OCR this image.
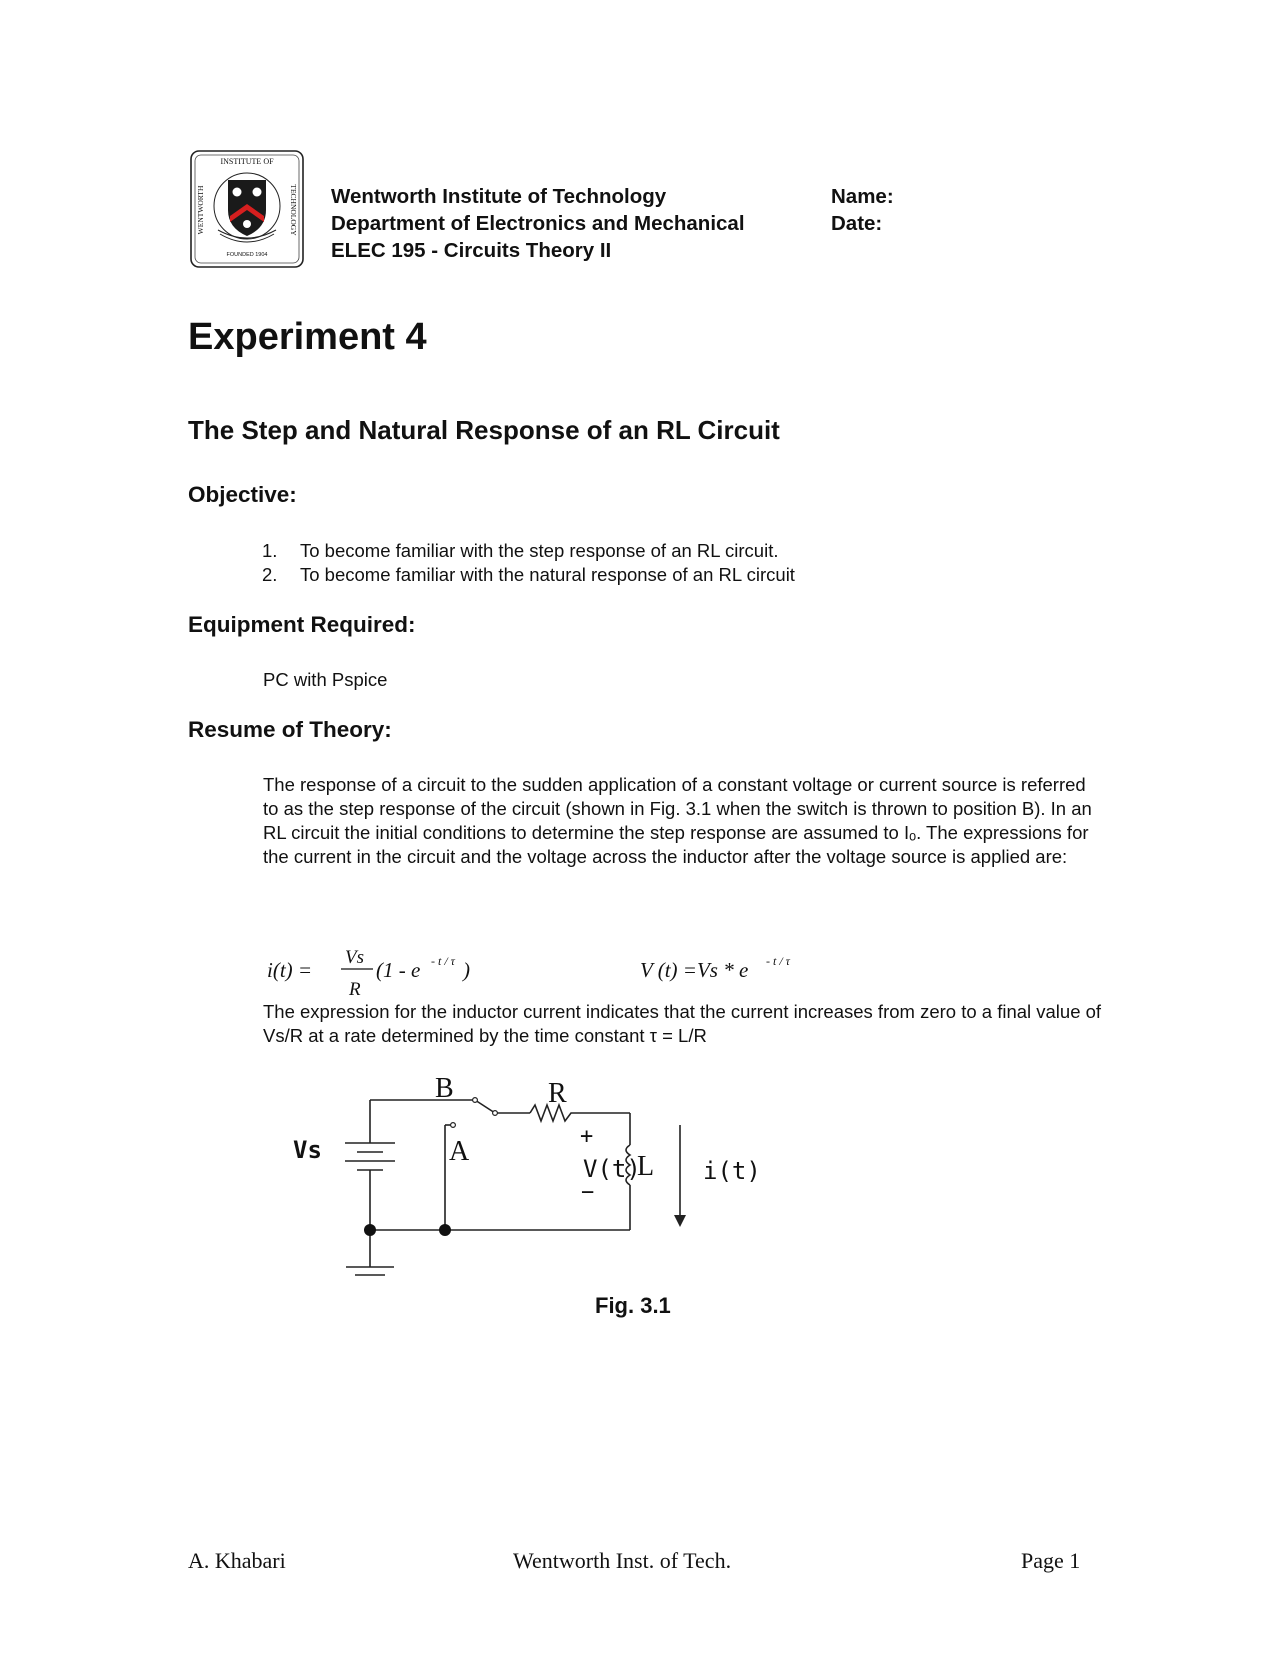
INSTITUTE OF
WENTWORTH	TECHNOLOGY
FOUNDED 1904
Wentworth Institute of Technology
Department of Electronics and Mechanical
ELEC 195 - Circuits Theory II
Name:
Date:
Experiment 4
The Step and Natural Response of an RL Circuit
Objective:
1. To become familiar with the step response of an RL circuit.
2. To become familiar with the natural response of an RL circuit
Equipment Required:
PC with Pspice
Resume of Theory:
The response of a circuit to the sudden application of a constant voltage or current source is referred to as the step response of the circuit (shown in Fig. 3.1 when the switch is thrown to position B). In an RL circuit the initial conditions to determine the step response are assumed to Iₒ. The expressions for the current in the circuit and the voltage across the inductor after the voltage source is applied are:
i(t) =
Vs
R
(1 - e - t / τ )	V (t) =Vs * e - t / τ
The expression for the inductor current indicates that the current increases from zero to a final value of Vs/R at a rate determined by the time constant τ = L/R
Vs
B
A
R
+
V(t)
−
L i(t)
Fig. 3.1
A. Khabari	Wentworth Inst. of Tech.	Page 1
